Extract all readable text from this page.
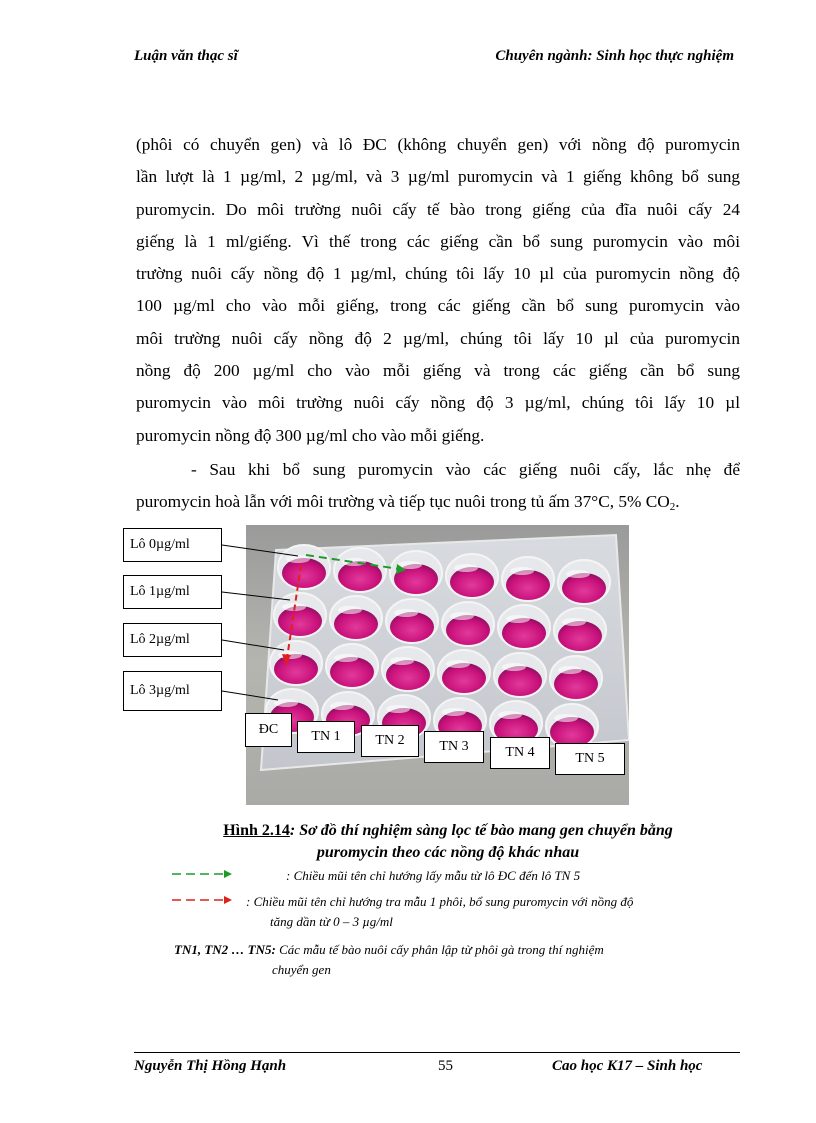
Luận văn thạc sĩ	Chuyên ngành: Sinh học thực nghiệm

(phôi có chuyển gen) và lô ĐC (không chuyển gen) với nồng độ puromycin

lần lượt là 1 µg/ml, 2 µg/ml, và 3 µg/ml puromycin và 1 giếng không bổ sung

puromycin. Do môi trường nuôi cấy tế bào trong giếng của đĩa nuôi cấy 24

giếng là 1 ml/giếng. Vì thế trong các giếng cần bổ sung puromycin vào môi

trường nuôi cấy nồng độ 1 µg/ml, chúng tôi lấy 10 µl của puromycin nồng độ

100 µg/ml cho vào mỗi giếng, trong các giếng cần bổ sung puromycin vào

môi trường nuôi cấy nồng độ 2 µg/ml, chúng tôi lấy 10 µl của puromycin

nồng độ 200 µg/ml cho vào mỗi giếng và trong các giếng cần bổ sung

puromycin vào môi trường nuôi cấy nồng độ 3 µg/ml, chúng tôi lấy 10 µl

puromycin nồng độ 300 µg/ml cho vào mỗi giếng.

- Sau khi bổ sung puromycin vào các giếng nuôi cấy, lắc nhẹ để

puromycin hoà lẫn với môi trường và tiếp tục nuôi trong tủ ấm 37°C, 5% $CO_2$.

Lô 0µg/ml
Lô 1µg/ml
Lô 2µg/ml
Lô 3µg/ml
ĐC	TN 1	TN 2	TN 3	TN 4	TN 5
Hình 2.14: Sơ đồ thí nghiệm sàng lọc tế bào mang gen chuyển bằng
puromycin theo các nồng độ khác nhau
: Chiều mũi tên chỉ hướng lấy mẫu từ lô ĐC đến lô TN 5
: Chiều mũi tên chỉ hướng tra mẫu 1 phôi, bổ sung puromycin với nồng độ
tăng dần từ 0 – 3 µg/ml
TN1, TN2 … TN5: Các mẫu tế bào nuôi cấy phân lập từ phôi gà trong thí nghiệm
chuyển gen
Nguyễn Thị Hồng Hạnh	55	Cao học K17 – Sinh học
